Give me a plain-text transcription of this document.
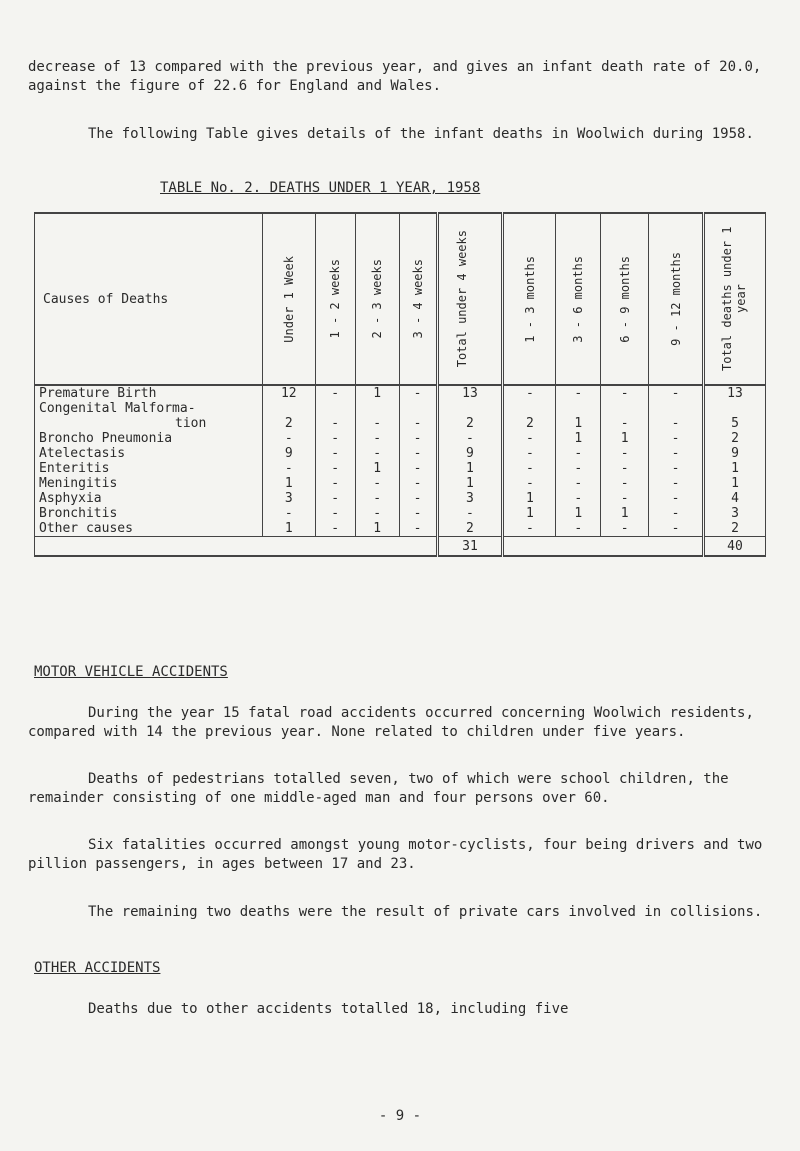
decrease of 13 compared with the previous year, and gives an infant death rate of 20.0, against the figure of 22.6 for England and Wales.
The following Table gives details of the infant deaths in Woolwich during 1958.
TABLE No. 2. DEATHS UNDER 1 YEAR, 1958
Causes of Deaths	Under 1 Week	1 - 2 weeks	2 - 3 weeks	3 - 4 weeks	Total under 4 weeks	1 - 3 months	3 - 6 months	6 - 9 months	9 - 12 months	Total deaths under 1 year

Premature Birth	12	-	1	-	13	-	-	-	-	13
Congenital Malforma-										
tion	2	-	-	-	2	2	1	-	-	5
Broncho Pneumonia	-	-	-	-	-	-	1	1	-	2
Atelectasis	9	-	-	-	9	-	-	-	-	9
Enteritis	-	-	1	-	1	-	-	-	-	1
Meningitis	1	-	-	-	1	-	-	-	-	1
Asphyxia	3	-	-	-	3	1	-	-	-	4
Bronchitis	-	-	-	-	-	1	1	1	-	3
Other causes	1	-	1	-	2	-	-	-	-	2
					31					40
MOTOR VEHICLE ACCIDENTS
During the year 15 fatal road accidents occurred concerning Woolwich residents, compared with 14 the previous year. None related to children under five years.
Deaths of pedestrians totalled seven, two of which were school children, the remainder consisting of one middle-aged man and four persons over 60.
Six fatalities occurred amongst young motor-cyclists, four being drivers and two pillion passengers, in ages between 17 and 23.
The remaining two deaths were the result of private cars involved in collisions.
OTHER ACCIDENTS
Deaths due to other accidents totalled 18, including five
- 9 -
